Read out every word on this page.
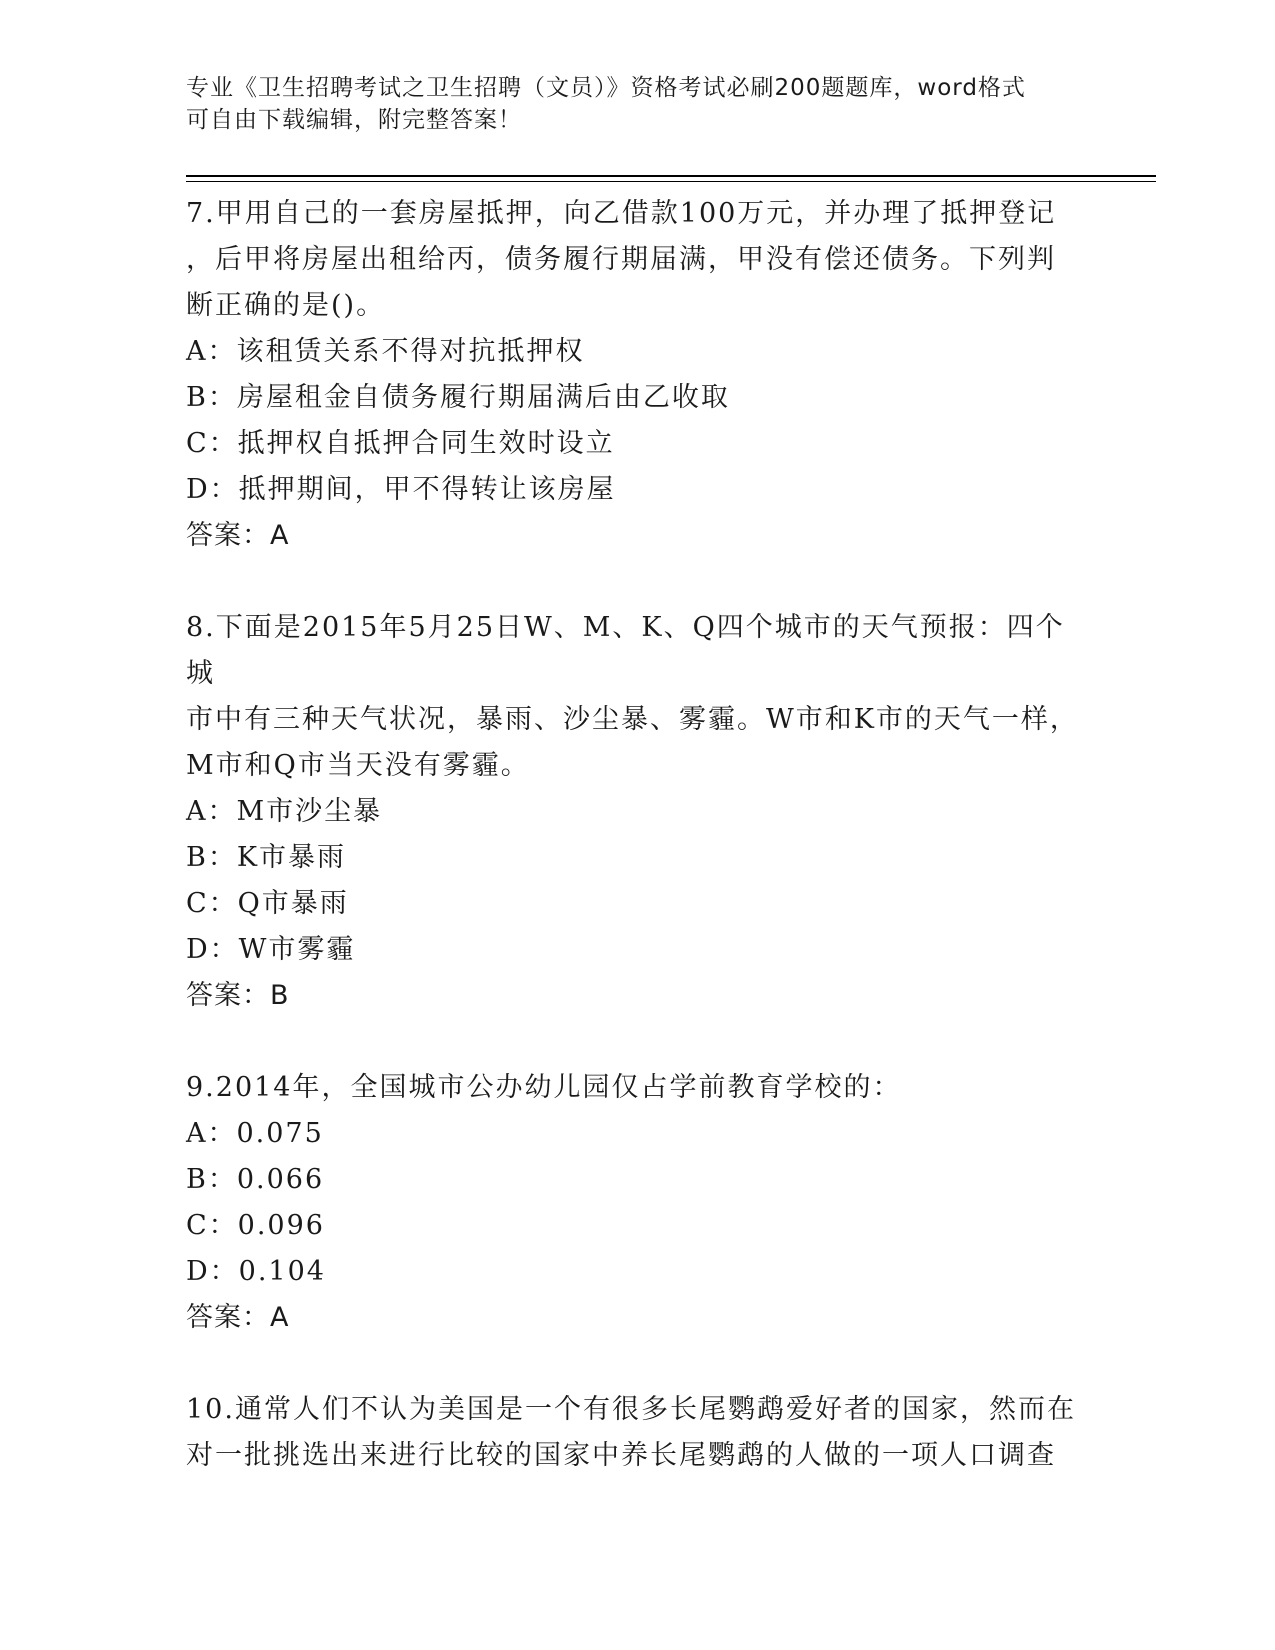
专业《卫生招聘考试之卫生招聘（文员）》资格考试必刷200题题库，word格式
可自由下载编辑，附完整答案！
7.甲用自己的一套房屋抵押，向乙借款100万元，并办理了抵押登记
，后甲将房屋出租给丙，债务履行期届满，甲没有偿还债务。下列判
断正确的是()。
A：该租赁关系不得对抗抵押权
B：房屋租金自债务履行期届满后由乙收取
C：抵押权自抵押合同生效时设立
D：抵押期间，甲不得转让该房屋
答案：A
8.下面是2015年5月25日W、M、K、Q四个城市的天气预报：四个城
市中有三种天气状况，暴雨、沙尘暴、雾霾。W市和K市的天气一样，
M市和Q市当天没有雾霾。
A：M市沙尘暴
B：K市暴雨
C：Q市暴雨
D：W市雾霾
答案：B
9.2014年，全国城市公办幼儿园仅占学前教育学校的：
A：0.075
B：0.066
C：0.096
D：0.104
答案：A
10.通常人们不认为美国是一个有很多长尾鹦鹉爱好者的国家，然而在
对一批挑选出来进行比较的国家中养长尾鹦鹉的人做的一项人口调查
